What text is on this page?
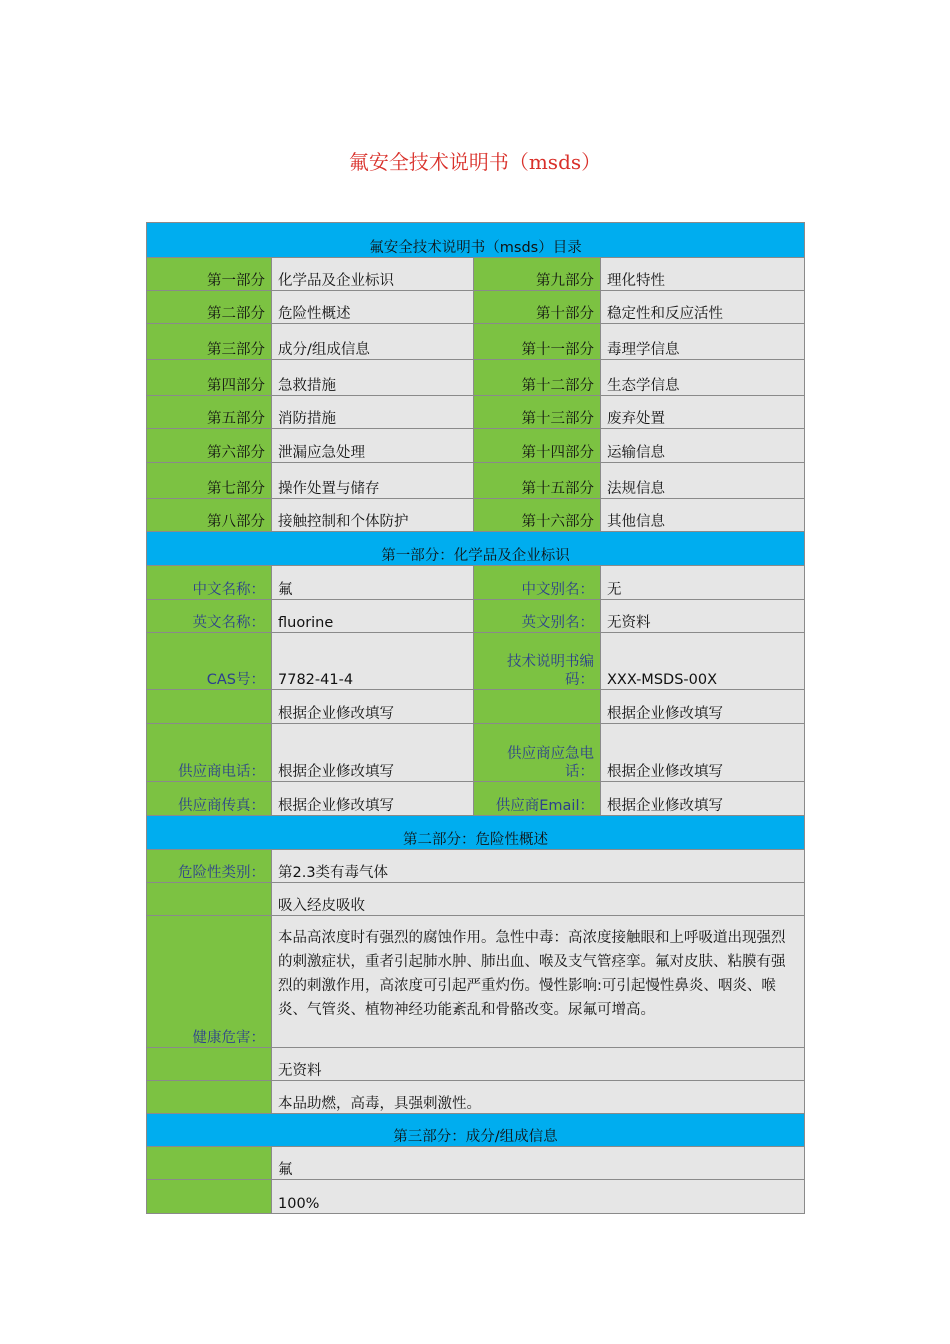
氟安全技术说明书（msds）
氟安全技术说明书（msds）目录			
第一部分	化学品及企业标识	第九部分	理化特性
第二部分	危险性概述	第十部分	稳定性和反应活性
第三部分	成分/组成信息	第十一部分	毒理学信息
第四部分	急救措施	第十二部分	生态学信息
第五部分	消防措施	第十三部分	废弃处置
第六部分	泄漏应急处理	第十四部分	运输信息
第七部分	操作处置与储存	第十五部分	法规信息
第八部分	接触控制和个体防护	第十六部分	其他信息
第一部分：化学品及企业标识			
中文名称：	氟	中文别名：	无
英文名称：	fluorine	英文别名：	无资料
CAS号：	7782-41-4	技术说明书编码：	XXX-MSDS-00X
	根据企业修改填写		根据企业修改填写
供应商电话：	根据企业修改填写	供应商应急电话：	根据企业修改填写
供应商传真：	根据企业修改填写	供应商Email：	根据企业修改填写
第二部分：危险性概述			
危险性类别：	第2.3类有毒气体		
	吸入经皮吸收		
健康危害：	本品高浓度时有强烈的腐蚀作用。急性中毒：高浓度接触眼和上呼吸道出现强烈的刺激症状，重者引起肺水肿、肺出血、喉及支气管痉挛。氟对皮肤、粘膜有强烈的刺激作用，高浓度可引起严重灼伤。慢性影响:可引起慢性鼻炎、咽炎、喉炎、气管炎、植物神经功能紊乱和骨骼改变。尿氟可增高。		
	无资料		
	本品助燃，高毒，具强刺激性。		
第三部分：成分/组成信息			
	氟		
	100%		
